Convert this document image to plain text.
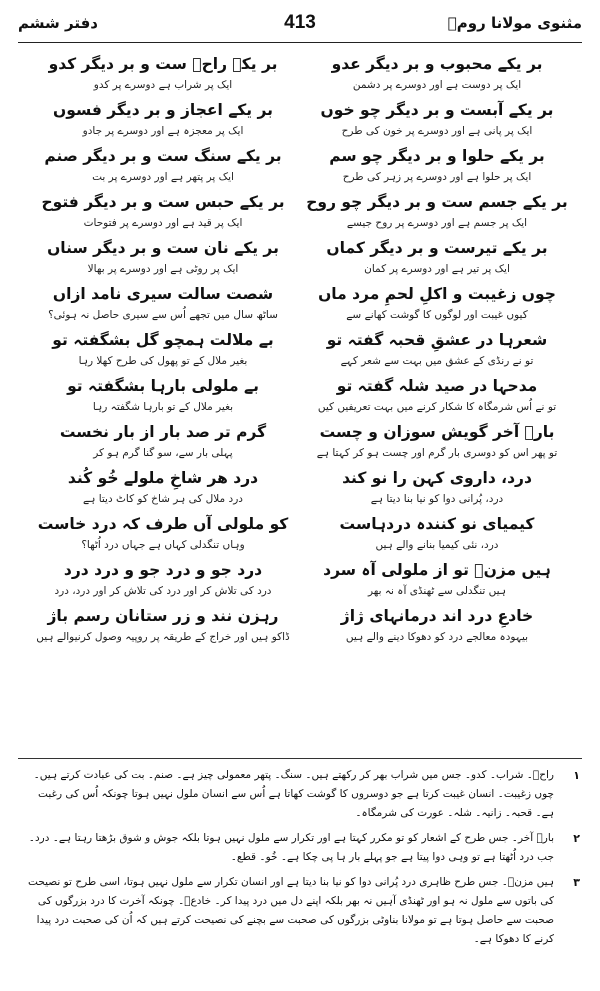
مثنوی مولانا رومؒ
413
دفتر ششم
بر یکے محبوب و بر دیگر عدو
بر یکے راحؔ ست و بر دیگر کدو
ایک پر دوست ہے اور دوسرے پر دشمن
ایک پر شراب ہے دوسرے پر کدو
بر یکے آبست و بر دیگر چو خوں
بر یکے اعجاز و بر دیگر فسوں
ایک پر پانی ہے اور دوسرے پر خون کی طرح
ایک پر معجزہ ہے اور دوسرے پر جادو
بر یکے حلوا و بر دیگر چو سم
بر یکے سنگ ست و بر دیگر صنم
ایک پر حلوا ہے اور دوسرے پر زہر کی طرح
ایک پر پتھر ہے اور دوسرے پر بت
بر یکے جسم ست و بر دیگر چو روح
بر یکے حبس ست و بر دیگر فتوح
ایک پر جسم ہے اور دوسرے پر روح جیسے
ایک پر قید ہے اور دوسرے پر فتوحات
بر یکے تیرست و بر دیگر کماں
بر یکے نان ست و بر دیگر سناں
ایک پر تیر ہے اور دوسرے پر کمان
ایک پر روٹی ہے اور دوسرے پر بھالا
چوں زغیبت و اکلِ لحمِ مرد ماں
شصت سالت سیری نامد ازاں
کیوں غیبت اور لوگوں کا گوشت کھانے سے
ساٹھ سال میں تجھے اُس سے سیری حاصل نہ ہوئی؟
شعرہا در عشقِ قحبہ گفتہ تو
بے ملالت ہمچو گل بشگفتہ تو
تو نے رنڈی کے عشق میں بہت سے شعر کہے
بغیر ملال کے تو پھول کی طرح کھلا رہا
مدحہا در صید شلہ گفتہ تو
بے ملولی بارہا بشگفتہ تو
تو نے اُس شرمگاہ کا شکار کرنے میں بہت تعریفیں کیں
بغیر ملال کے تو بارہا شگفتہ رہا
بارؔ آخر گویش سوزان و چست
گرم تر صد بار از بار نخست
تو پھر اس کو دوسری بار گرم اور چست ہو کر کہتا ہے
پہلی بار سے، سو گنا گرم ہو کر
درد، داروی کہن را نو کند
درد هر شاخِ ملولے خُو کُند
درد، پُرانی دوا کو نیا بنا دیتا ہے
درد ملال کی ہر شاخ کو کاٹ دیتا ہے
کیمیای نو کنندہ دردہاست
کو ملولی آں طرف کہ درد خاست
درد، نئی کیمیا بنانے والے ہیں
وہاں تنگدلی کہاں ہے جہاں درد اُٹھا؟
ہیں مزنؔ تو از ملولی آہ سرد
درد جو و درد جو و درد درد
ہیں تنگدلی سے ٹھنڈی آہ نہ بھر
درد کی تلاش کر اور درد کی تلاش کر اور درد، درد
خادعِ درد اند درمانہای ژاژ
رہزن نند و زر ستانان رسم باژ
بیہودہ معالجے درد کو دھوکا دینے والے ہیں
ڈاکو ہیں اور خراج کے طریقہ پر روپیہ وصول کرنیوالے ہیں
۱
راحؔ۔ شراب۔ کدو۔ جس میں شراب بھر کر رکھتے ہیں۔ سنگ۔ پتھر معمولی چیز ہے۔ صنم۔ بت کی عبادت کرتے ہیں۔ چوں زغیبت۔ انسان غیبت کرتا ہے جو دوسروں کا گوشت کھاتا ہے اُس سے انسان ملول نہیں ہوتا چونکہ اُس کی رغبت ہے۔ قحبہ۔ زانیہ۔ شلہ۔ عورت کی شرمگاہ۔
۲
بارؔ آخر۔ جس طرح کے اشعار کو تو مکرر کہتا ہے اور تکرار سے ملول نہیں ہوتا بلکہ جوش و شوق بڑھتا رہتا ہے۔ درد۔ جب درد اُٹھتا ہے تو وہی دوا پیتا ہے جو پہلے بار ہا پی چکا ہے۔ خُو۔ قطع۔
۳
ہیں مزنؔ۔ جس طرح ظاہری درد پُرانی دوا کو نیا بنا دیتا ہے اور انسان تکرار سے ملول نہیں ہوتا، اسی طرح تو نصیحت کی باتوں سے ملول نہ ہو اور ٹھنڈی آہیں نہ بھر بلکہ اپنے دل میں درد پیدا کر۔ خادعؔ۔ چونکہ آخرت کا درد بزرگوں کی صحبت سے حاصل ہوتا ہے تو مولانا بناوٹی بزرگوں کی صحبت سے بچنے کی نصیحت کرتے ہیں کہ اُن کی صحبت درد پیدا کرنے کا دھوکا ہے۔
